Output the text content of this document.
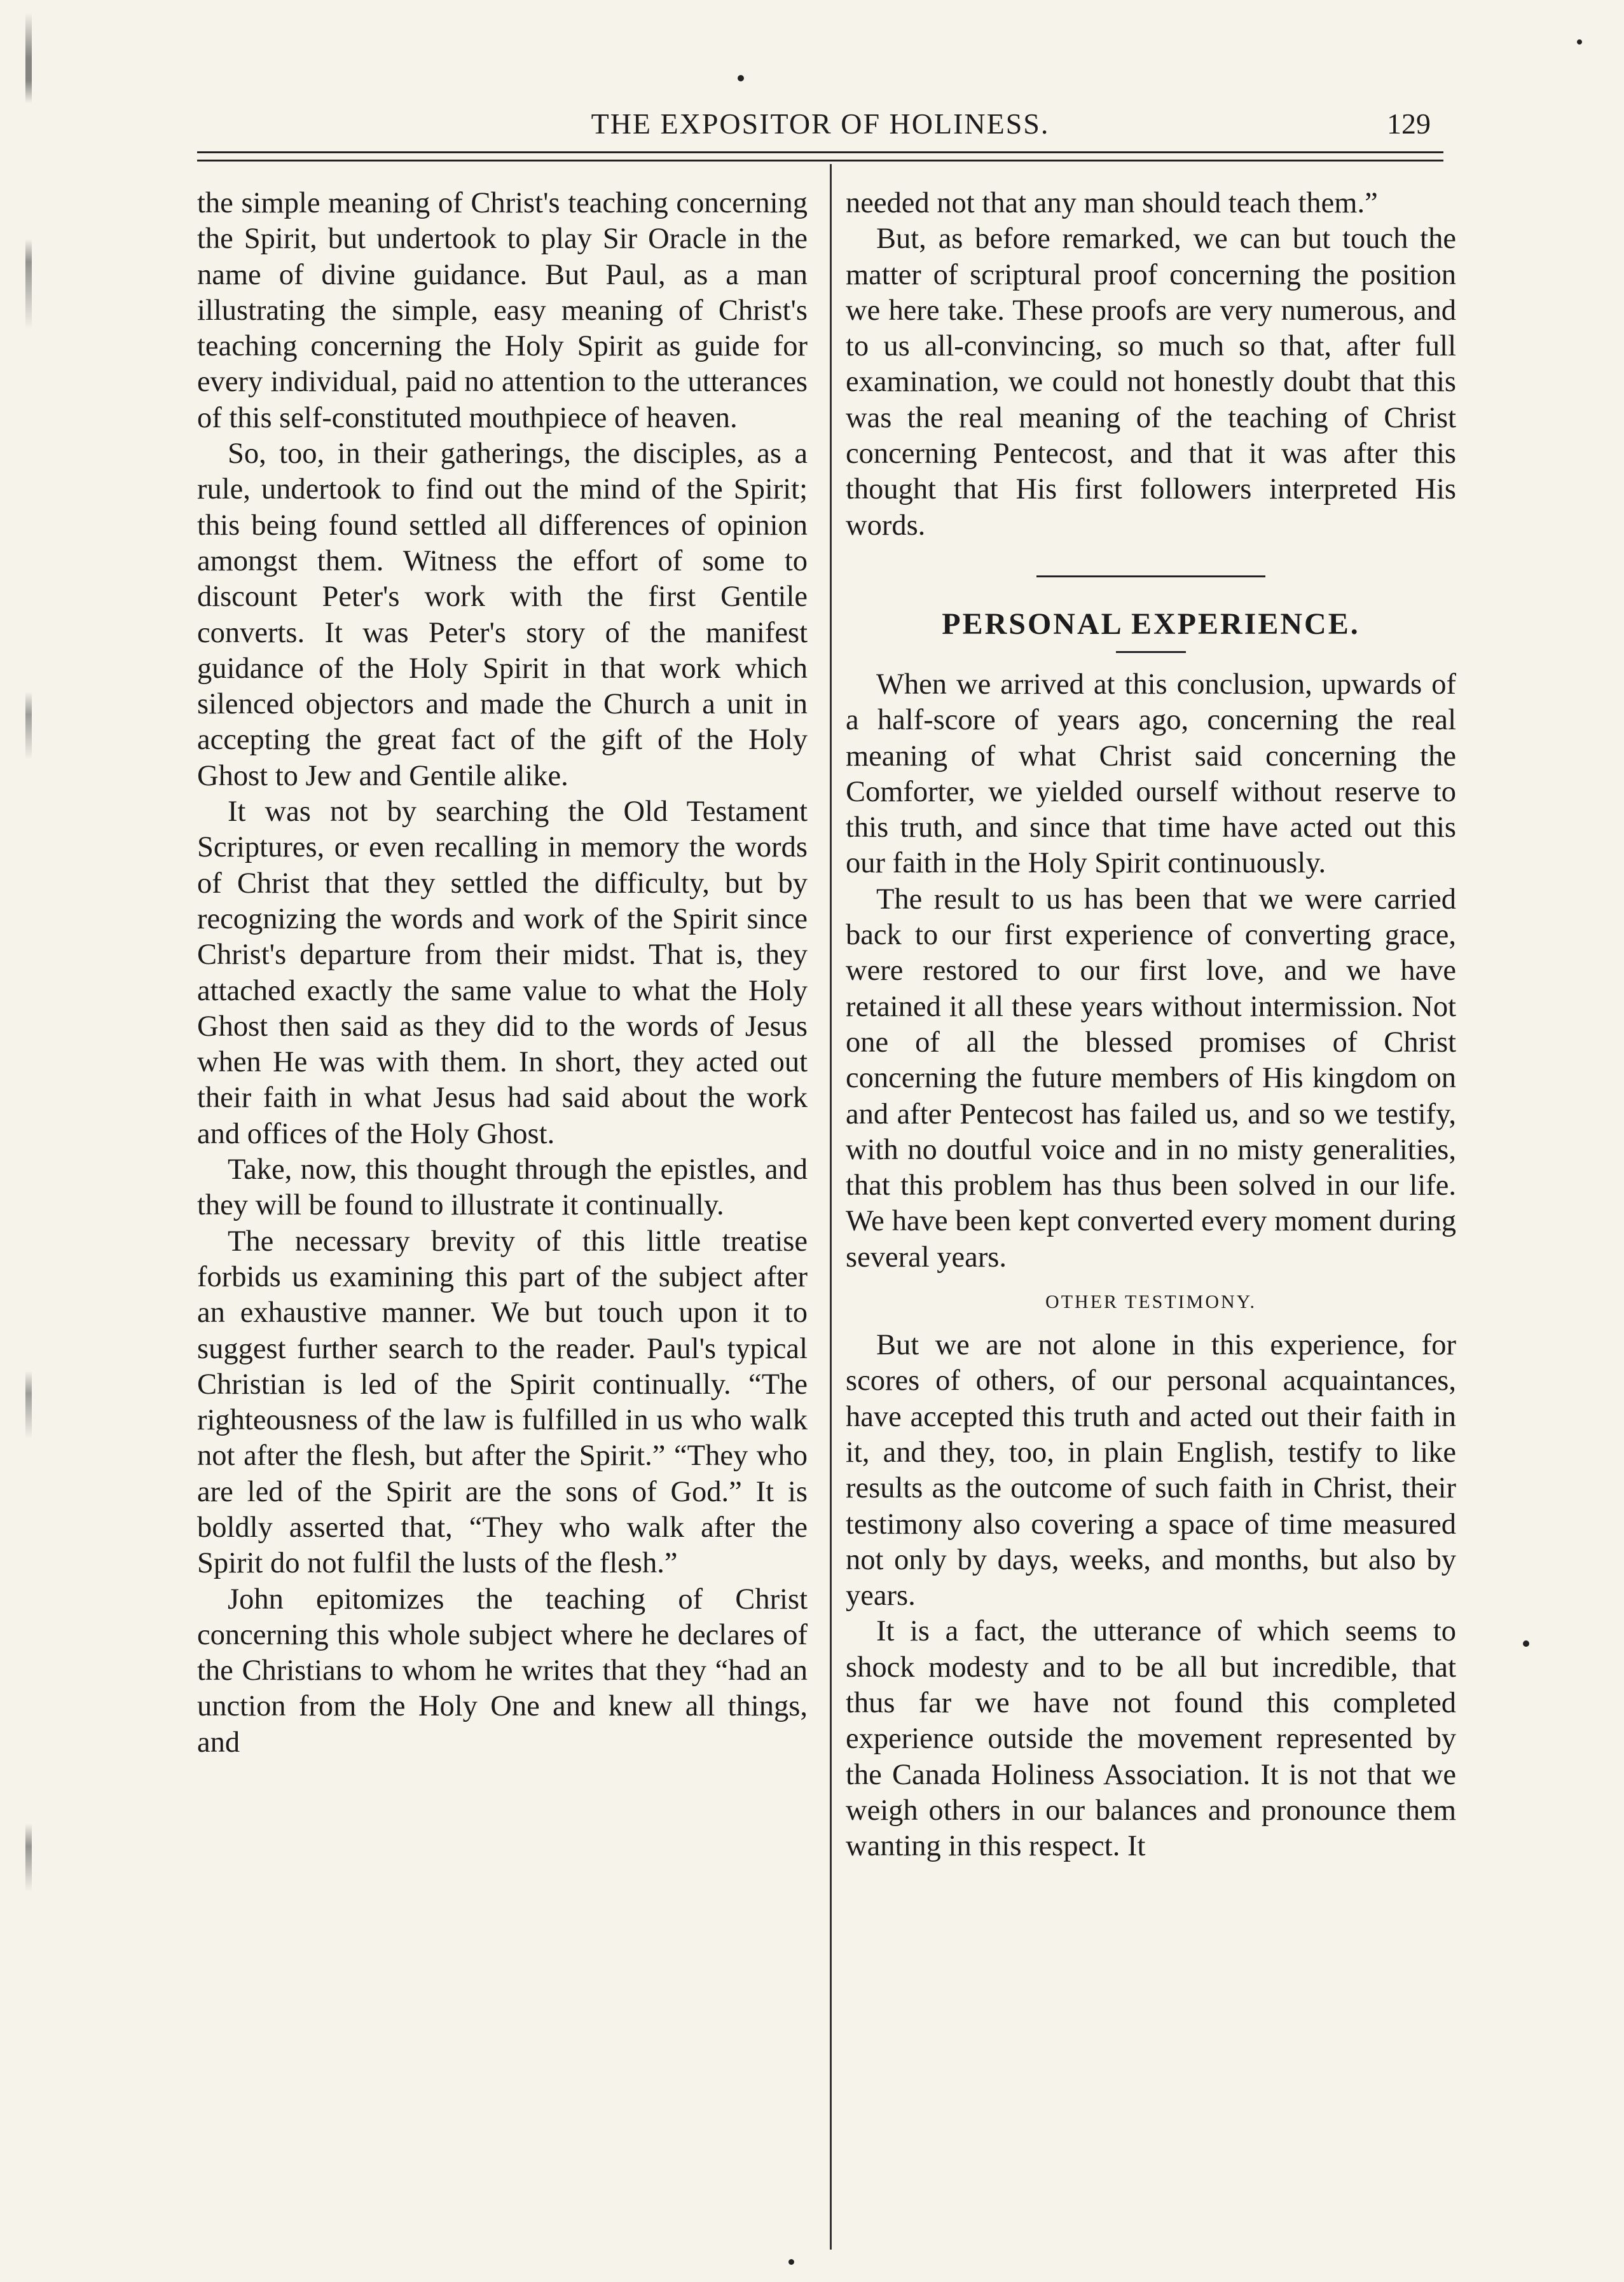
THE EXPOSITOR OF HOLINESS.	129

the simple meaning of Christ's teaching concerning the Spirit, but undertook to play Sir Oracle in the name of divine guidance. But Paul, as a man illustrating the simple, easy meaning of Christ's teaching concerning the Holy Spirit as guide for every individual, paid no attention to the utterances of this self-constituted mouthpiece of heaven.

So, too, in their gatherings, the disciples, as a rule, undertook to find out the mind of the Spirit; this being found settled all differences of opinion amongst them. Witness the effort of some to discount Peter's work with the first Gentile converts. It was Peter's story of the manifest guidance of the Holy Spirit in that work which silenced objectors and made the Church a unit in accepting the great fact of the gift of the Holy Ghost to Jew and Gentile alike.

It was not by searching the Old Testament Scriptures, or even recalling in memory the words of Christ that they settled the difficulty, but by recognizing the words and work of the Spirit since Christ's departure from their midst. That is, they attached exactly the same value to what the Holy Ghost then said as they did to the words of Jesus when He was with them. In short, they acted out their faith in what Jesus had said about the work and offices of the Holy Ghost.

Take, now, this thought through the epistles, and they will be found to illustrate it continually.

The necessary brevity of this little treatise forbids us examining this part of the subject after an exhaustive manner. We but touch upon it to suggest further search to the reader. Paul's typical Christian is led of the Spirit continually. “The righteousness of the law is fulfilled in us who walk not after the flesh, but after the Spirit.” “They who are led of the Spirit are the sons of God.” It is boldly asserted that, “They who walk after the Spirit do not fulfil the lusts of the flesh.”

John epitomizes the teaching of Christ concerning this whole subject where he declares of the Christians to whom he writes that they “had an unction from the Holy One and knew all things, and

needed not that any man should teach them.”

But, as before remarked, we can but touch the matter of scriptural proof concerning the position we here take. These proofs are very numerous, and to us all-convincing, so much so that, after full examination, we could not honestly doubt that this was the real meaning of the teaching of Christ concerning Pentecost, and that it was after this thought that His first followers interpreted His words.

PERSONAL EXPERIENCE.

When we arrived at this conclusion, upwards of a half-score of years ago, concerning the real meaning of what Christ said concerning the Comforter, we yielded ourself without reserve to this truth, and since that time have acted out this our faith in the Holy Spirit continuously.

The result to us has been that we were carried back to our first experience of converting grace, were restored to our first love, and we have retained it all these years without intermission. Not one of all the blessed promises of Christ concerning the future members of His kingdom on and after Pentecost has failed us, and so we testify, with no doutful voice and in no misty generalities, that this problem has thus been solved in our life. We have been kept converted every moment during several years.

OTHER TESTIMONY.

But we are not alone in this experience, for scores of others, of our personal acquaintances, have accepted this truth and acted out their faith in it, and they, too, in plain English, testify to like results as the outcome of such faith in Christ, their testimony also covering a space of time measured not only by days, weeks, and months, but also by years.

It is a fact, the utterance of which seems to shock modesty and to be all but incredible, that thus far we have not found this completed experience outside the movement represented by the Canada Holiness Association. It is not that we weigh others in our balances and pronounce them wanting in this respect. It
